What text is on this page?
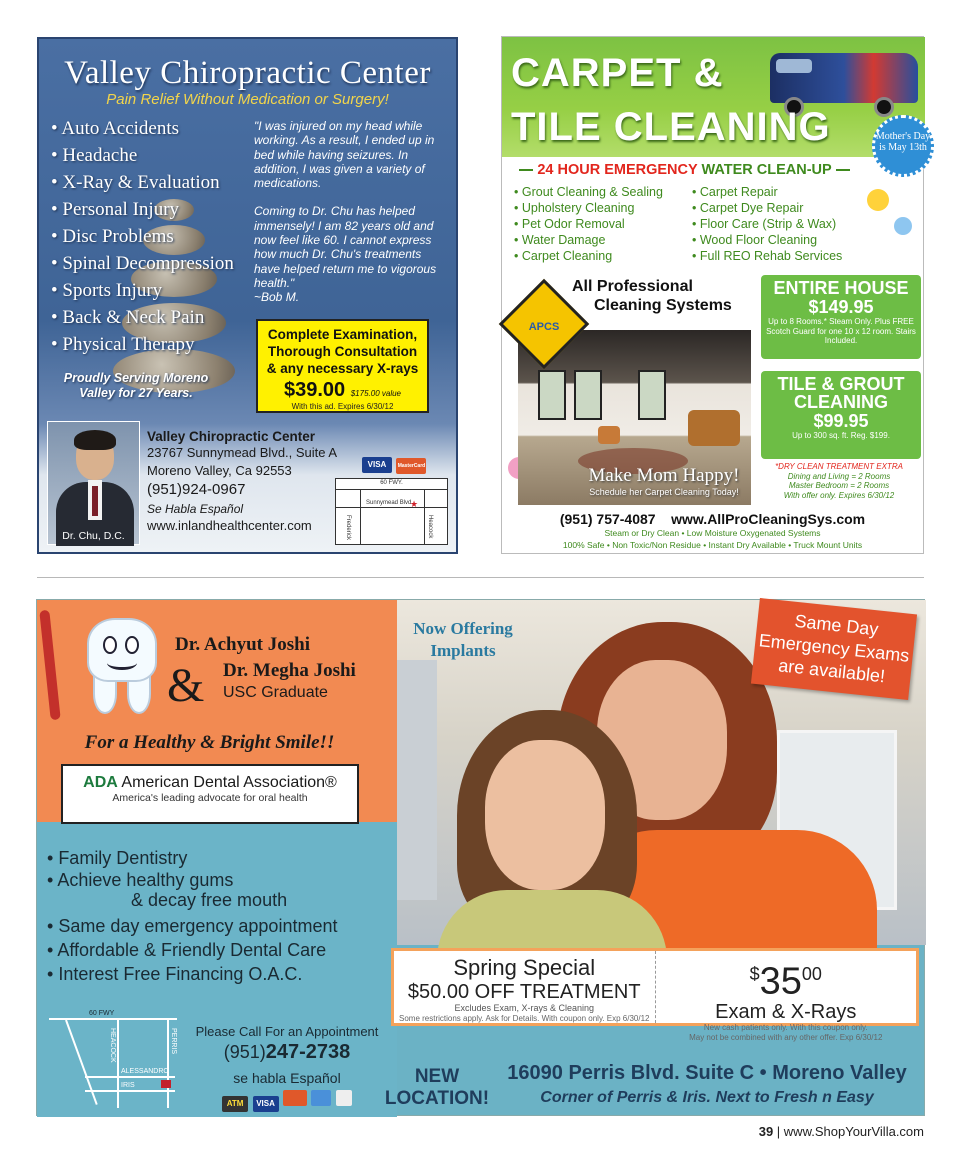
Valley Chiropractic Center
Pain Relief Without Medication or Surgery!
• Auto Accidents
• Headache
• X-Ray & Evaluation
• Personal Injury
• Disc Problems
• Spinal Decompression
• Sports Injury
• Back & Neck Pain
• Physical Therapy

"I was injured on my head while working. As a result, I ended up in bed while having seizures. In addition, I was given a variety of medications.

Coming to Dr. Chu has helped immensely! I am 82 years old and now feel like 60. I cannot express how much Dr. Chu's treatments have helped return me to vigorous health."
~Bob M.

Proudly Serving Moreno Valley for 27 Years.
Complete Examination,
Thorough Consultation
& any necessary X-rays
$39.00 $175.00 value
With this ad. Expires 6/30/12
Dr. Chu, D.C.
Valley Chiropractic Center
23767 Sunnymead Blvd., Suite A
Moreno Valley, Ca 92553
(951)924-0967
Se Habla Español
www.inlandhealthcenter.com
VISA MasterCard
60 FWY.
Sunnymead Blvd.
★
Frederick	Heacock
CARPET &
TILE CLEANING	Mother's Day is May 13th
24 HOUR EMERGENCY WATER CLEAN-UP
• Grout Cleaning & Sealing
• Upholstery Cleaning
• Pet Odor Removal
• Water Damage
• Carpet Cleaning
• Carpet Repair
• Carpet Dye Repair
• Floor Care (Strip & Wax)
• Wood Floor Cleaning
• Full REO Rehab Services
APCS
All Professional
Cleaning Systems
Make Mom Happy!
Schedule her Carpet Cleaning Today!
ENTIRE HOUSE
$149.95
Up to 8 Rooms.* Steam Only. Plus FREE Scotch Guard for one 10 x 12 room. Stairs Included.
TILE & GROUT CLEANING
$99.95
Up to 300 sq. ft. Reg. $199.
*DRY CLEAN TREATMENT EXTRA
Dining and Living = 2 Rooms
Master Bedroom = 2 Rooms
With offer only. Expires 6/30/12
(951) 757-4087 www.AllProCleaningSys.com
Steam or Dry Clean • Low Moisture Oxygenated Systems
100% Safe • Non Toxic/Non Residue • Instant Dry Available • Truck Mount Units
Now Offering Implants
Same Day Emergency Exams are available!
Dr. Achyut Joshi
& Dr. Megha Joshi
USC Graduate
For a Healthy & Bright Smile!!
ADA American Dental Association®
America's leading advocate for oral health
• Family Dentistry
• Achieve healthy gums
& decay free mouth
• Same day emergency appointment
• Affordable & Friendly Dental Care
• Interest Free Financing O.A.C.
60 FWY
HEACOCK	PERRIS
ALESSANDRO
IRIS
Please Call For an Appointment
(951)247-2738
se habla Español
ATM VISA
Spring Special
$50.00 OFF TREATMENT
Excludes Exam, X-rays & Cleaning
Some restrictions apply. Ask for Details. With coupon only. Exp 6/30/12
$^{\$}35^{00}$
Exam & X-Rays
New cash patients only. With this coupon only.
May not be combined with any other offer. Exp 6/30/12
NEW LOCATION!
16090 Perris Blvd. Suite C • Moreno Valley
Corner of Perris & Iris. Next to Fresh n Easy
39 | www.ShopYourVilla.com
